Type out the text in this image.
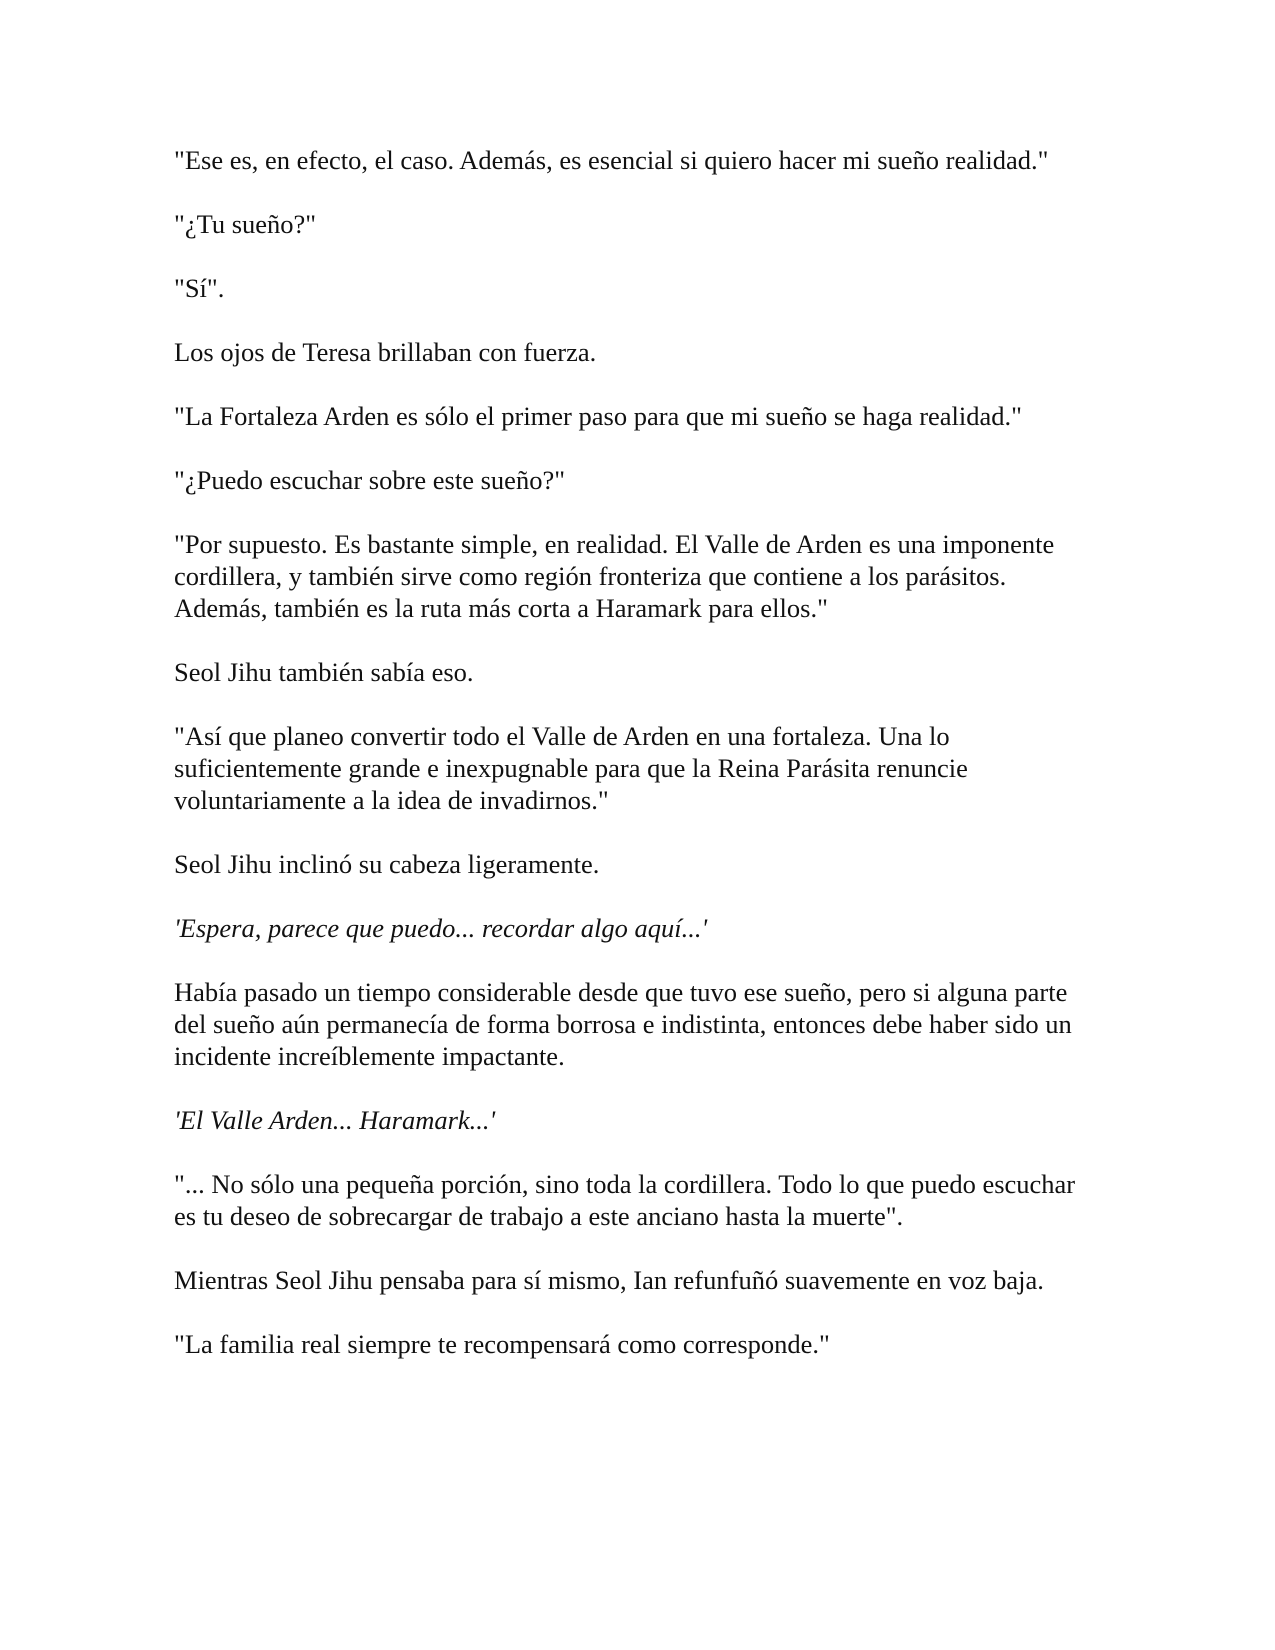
"Ese es, en efecto, el caso. Además, es esencial si quiero hacer mi sueño realidad."

"¿Tu sueño?"

"Sí".

Los ojos de Teresa brillaban con fuerza.

"La Fortaleza Arden es sólo el primer paso para que mi sueño se haga realidad."

"¿Puedo escuchar sobre este sueño?"

"Por supuesto. Es bastante simple, en realidad. El Valle de Arden es una imponente cordillera, y también sirve como región fronteriza que contiene a los parásitos. Además, también es la ruta más corta a Haramark para ellos."

Seol Jihu también sabía eso.

"Así que planeo convertir todo el Valle de Arden en una fortaleza. Una lo suficientemente grande e inexpugnable para que la Reina Parásita renuncie voluntariamente a la idea de invadirnos."

Seol Jihu inclinó su cabeza ligeramente.

'Espera, parece que puedo... recordar algo aquí...'

Había pasado un tiempo considerable desde que tuvo ese sueño, pero si alguna parte del sueño aún permanecía de forma borrosa e indistinta, entonces debe haber sido un incidente increíblemente impactante.

'El Valle Arden... Haramark...'

"... No sólo una pequeña porción, sino toda la cordillera. Todo lo que puedo escuchar es tu deseo de sobrecargar de trabajo a este anciano hasta la muerte".

Mientras Seol Jihu pensaba para sí mismo, Ian refunfuñó suavemente en voz baja.

"La familia real siempre te recompensará como corresponde."
